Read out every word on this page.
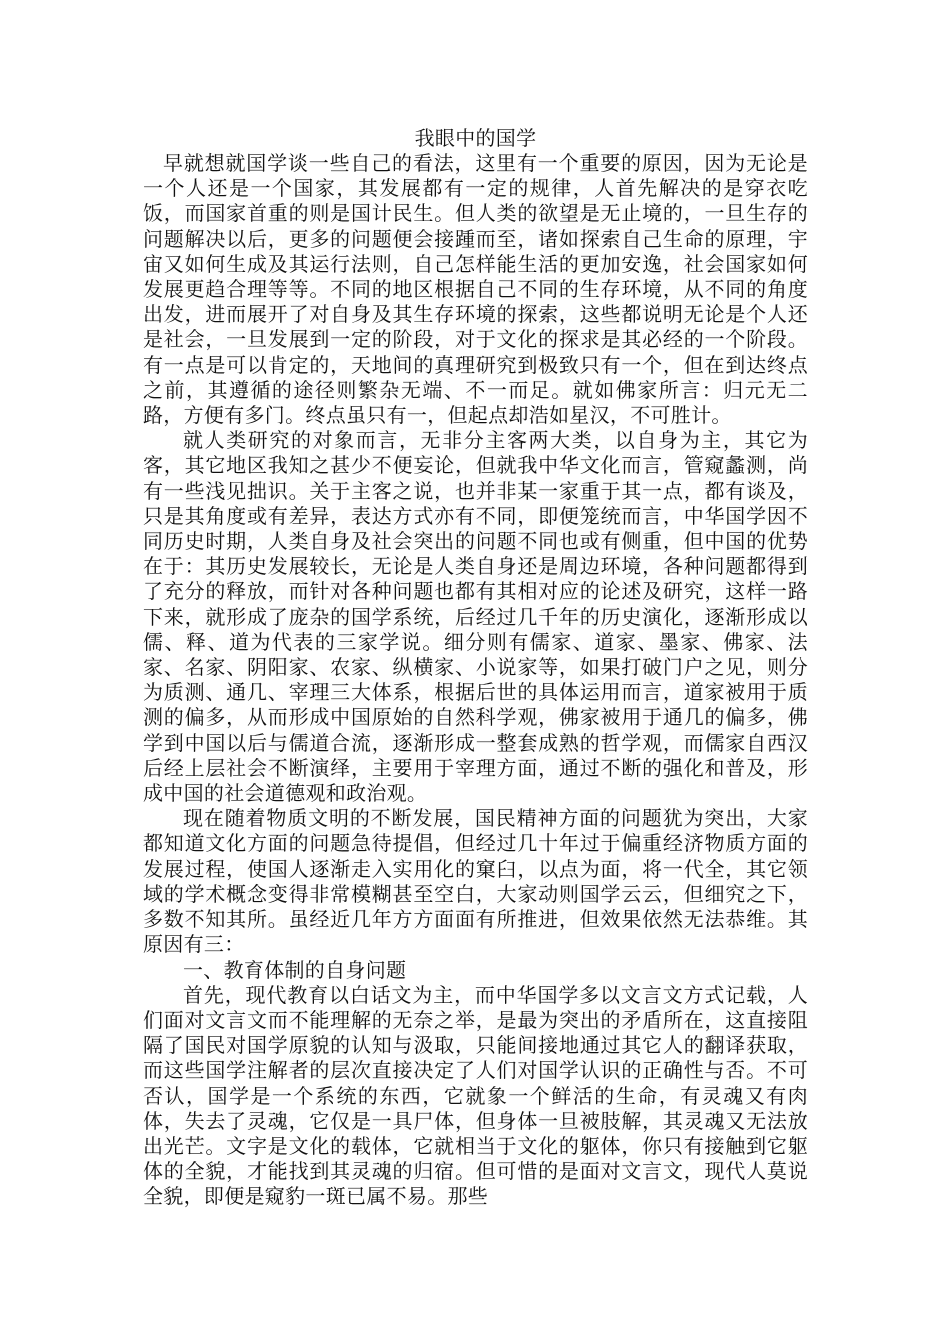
我眼中的国学

早就想就国学谈一些自己的看法，这里有一个重要的原因，因为无论是一个人还是一个国家，其发展都有一定的规律，人首先解决的是穿衣吃饭，而国家首重的则是国计民生。但人类的欲望是无止境的，一旦生存的问题解决以后，更多的问题便会接踵而至，诸如探索自己生命的原理，宇宙又如何生成及其运行法则，自己怎样能生活的更加安逸，社会国家如何发展更趋合理等等。不同的地区根据自己不同的生存环境，从不同的角度出发，进而展开了对自身及其生存环境的探索，这些都说明无论是个人还是社会，一旦发展到一定的阶段，对于文化的探求是其必经的一个阶段。有一点是可以肯定的，天地间的真理研究到极致只有一个，但在到达终点之前，其遵循的途径则繁杂无端、不一而足。就如佛家所言：归元无二路，方便有多门。终点虽只有一，但起点却浩如星汉，不可胜计。

就人类研究的对象而言，无非分主客两大类，以自身为主，其它为客，其它地区我知之甚少不便妄论，但就我中华文化而言，管窥蠡测，尚有一些浅见拙识。关于主客之说，也并非某一家重于其一点，都有谈及，只是其角度或有差异，表达方式亦有不同，即便笼统而言，中华国学因不同历史时期，人类自身及社会突出的问题不同也或有侧重，但中国的优势在于：其历史发展较长，无论是人类自身还是周边环境，各种问题都得到了充分的释放，而针对各种问题也都有其相对应的论述及研究，这样一路下来，就形成了庞杂的国学系统，后经过几千年的历史演化，逐渐形成以儒、释、道为代表的三家学说。细分则有儒家、道家、墨家、佛家、法家、名家、阴阳家、农家、纵横家、小说家等，如果打破门户之见，则分为质测、通几、宰理三大体系，根据后世的具体运用而言，道家被用于质测的偏多，从而形成中国原始的自然科学观，佛家被用于通几的偏多，佛学到中国以后与儒道合流，逐渐形成一整套成熟的哲学观，而儒家自西汉后经上层社会不断演绎，主要用于宰理方面，通过不断的强化和普及，形成中国的社会道德观和政治观。

现在随着物质文明的不断发展，国民精神方面的问题犹为突出，大家都知道文化方面的问题急待提倡，但经过几十年过于偏重经济物质方面的发展过程，使国人逐渐走入实用化的窠臼，以点为面，将一代全，其它领域的学术概念变得非常模糊甚至空白，大家动则国学云云，但细究之下，多数不知其所。虽经近几年方方面面有所推进，但效果依然无法恭维。其原因有三：

一、教育体制的自身问题

首先，现代教育以白话文为主，而中华国学多以文言文方式记载，人们面对文言文而不能理解的无奈之举，是最为突出的矛盾所在，这直接阻隔了国民对国学原貌的认知与汲取，只能间接地通过其它人的翻译获取，而这些国学注解者的层次直接决定了人们对国学认识的正确性与否。不可否认，国学是一个系统的东西，它就象一个鲜活的生命，有灵魂又有肉体，失去了灵魂，它仅是一具尸体，但身体一旦被肢解，其灵魂又无法放出光芒。文字是文化的载体，它就相当于文化的躯体，你只有接触到它躯体的全貌，才能找到其灵魂的归宿。但可惜的是面对文言文，现代人莫说全貌，即便是窥豹一斑已属不易。那些
